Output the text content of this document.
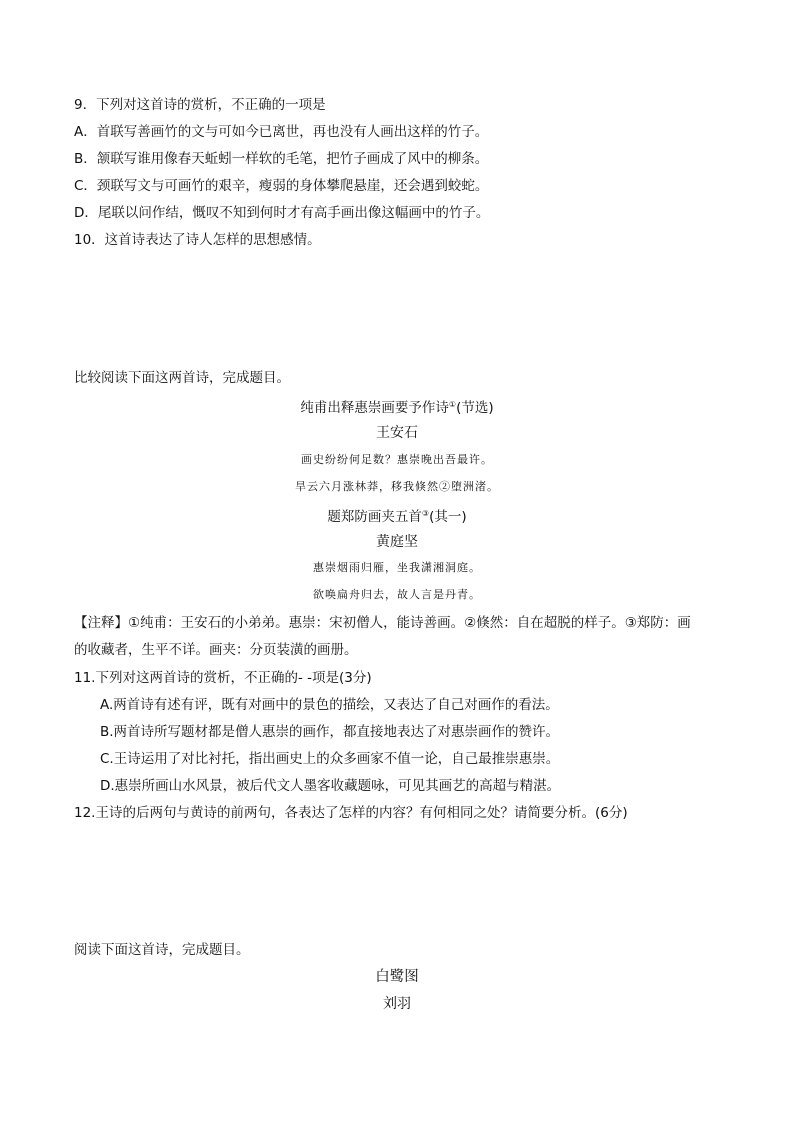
9．下列对这首诗的赏析，不正确的一项是
A．首联写善画竹的文与可如今已离世，再也没有人画出这样的竹子。
B．颔联写谁用像春天蚯蚓一样软的毛笔，把竹子画成了风中的柳条。
C．颈联写文与可画竹的艰辛，瘦弱的身体攀爬悬崖，还会遇到蛟蛇。
D．尾联以问作结，慨叹不知到何时才有高手画出像这幅画中的竹子。
10．这首诗表达了诗人怎样的思想感情。
比较阅读下面这两首诗，完成题目。
纯甫出释惠崇画要予作诗①(节选)
王安石
画史纷纷何足数？惠崇晚出吾最许。
旱云六月涨林莽，移我倏然②堕洲渚。
题郑防画夹五首③(其一)
黄庭坚
惠崇烟雨归雁，坐我潇湘洞庭。
欲唤扁舟归去，故人言是丹青。
【注释】①纯甫：王安石的小弟弟。惠崇：宋初僧人，能诗善画。②倏然：自在超脱的样子。③郑防：画
的收藏者，生平不详。画夹：分页装潢的画册。
11.下列对这两首诗的赏析，不正确的- -项是(3分)
A.两首诗有述有评，既有对画中的景色的描绘，又表达了自己对画作的看法。
B.两首诗所写题材都是僧人惠崇的画作，都直接地表达了对惠崇画作的赞许。
C.王诗运用了对比衬托，指出画史上的众多画家不值一论，自己最推崇惠崇。
D.惠崇所画山水风景，被后代文人墨客收藏题咏，可见其画艺的高超与精湛。
12.王诗的后两句与黄诗的前两句，各表达了怎样的内容？有何相同之处？请简要分析。(6分)
阅读下面这首诗，完成题目。
白鹭图
刘羽
